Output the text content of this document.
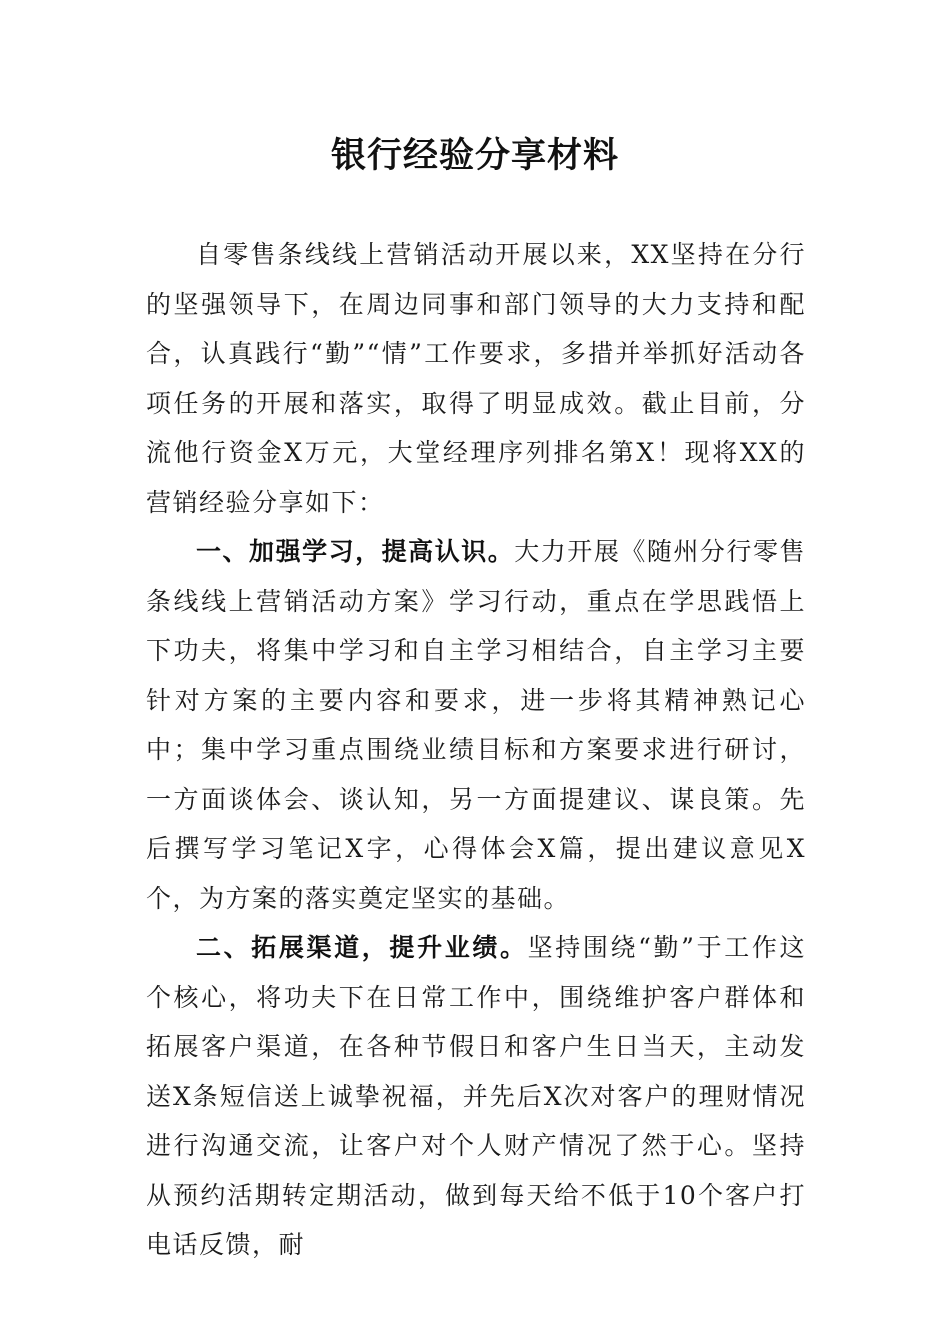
银行经验分享材料

自零售条线线上营销活动开展以来，XX坚持在分行的坚强领导下，在周边同事和部门领导的大力支持和配合，认真践行“勤”“情”工作要求，多措并举抓好活动各项任务的开展和落实，取得了明显成效。截止目前，分流他行资金X万元，大堂经理序列排名第X！现将XX的营销经验分享如下：

一、加强学习，提高认识。大力开展《随州分行零售条线线上营销活动方案》学习行动，重点在学思践悟上下功夫，将集中学习和自主学习相结合，自主学习主要针对方案的主要内容和要求，进一步将其精神熟记心中；集中学习重点围绕业绩目标和方案要求进行研讨，一方面谈体会、谈认知，另一方面提建议、谋良策。先后撰写学习笔记X字，心得体会X篇，提出建议意见X个，为方案的落实奠定坚实的基础。

二、拓展渠道，提升业绩。坚持围绕“勤”于工作这个核心，将功夫下在日常工作中，围绕维护客户群体和拓展客户渠道，在各种节假日和客户生日当天，主动发送X条短信送上诚挚祝福，并先后X次对客户的理财情况进行沟通交流，让客户对个人财产情况了然于心。坚持从预约活期转定期活动，做到每天给不低于10个客户打电话反馈，耐
